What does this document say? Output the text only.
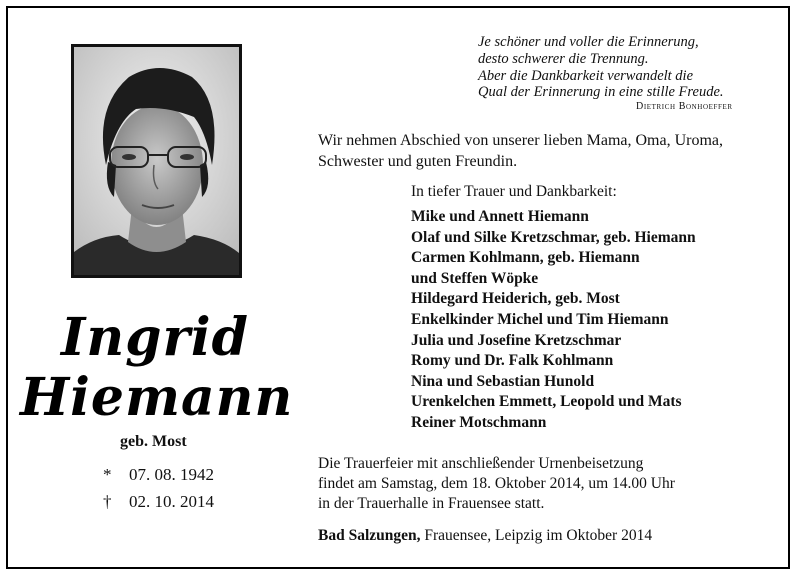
Ingrid
Hiemann
geb. Most
* 07. 08. 1942
† 02. 10. 2014
Je schöner und voller die Erinnerung,
desto schwerer die Trennung.
Aber die Dankbarkeit verwandelt die
Qual der Erinnerung in eine stille Freude.
Dietrich Bonhoeffer
Wir nehmen Abschied von unserer lieben Mama, Oma, Uroma,
Schwester und guten Freundin.
In tiefer Trauer und Dankbarkeit:
Mike und Annett Hiemann
Olaf und Silke Kretzschmar, geb. Hiemann
Carmen Kohlmann, geb. Hiemann
und Steffen Wöpke
Hildegard Heiderich, geb. Most
Enkelkinder Michel und Tim Hiemann
Julia und Josefine Kretzschmar
Romy und Dr. Falk Kohlmann
Nina und Sebastian Hunold
Urenkelchen Emmett, Leopold und Mats
Reiner Motschmann
Die Trauerfeier mit anschließender Urnenbeisetzung
findet am Samstag, dem 18. Oktober 2014, um 14.00 Uhr
in der Trauerhalle in Frauensee statt.
Bad Salzungen, Frauensee, Leipzig im Oktober 2014
